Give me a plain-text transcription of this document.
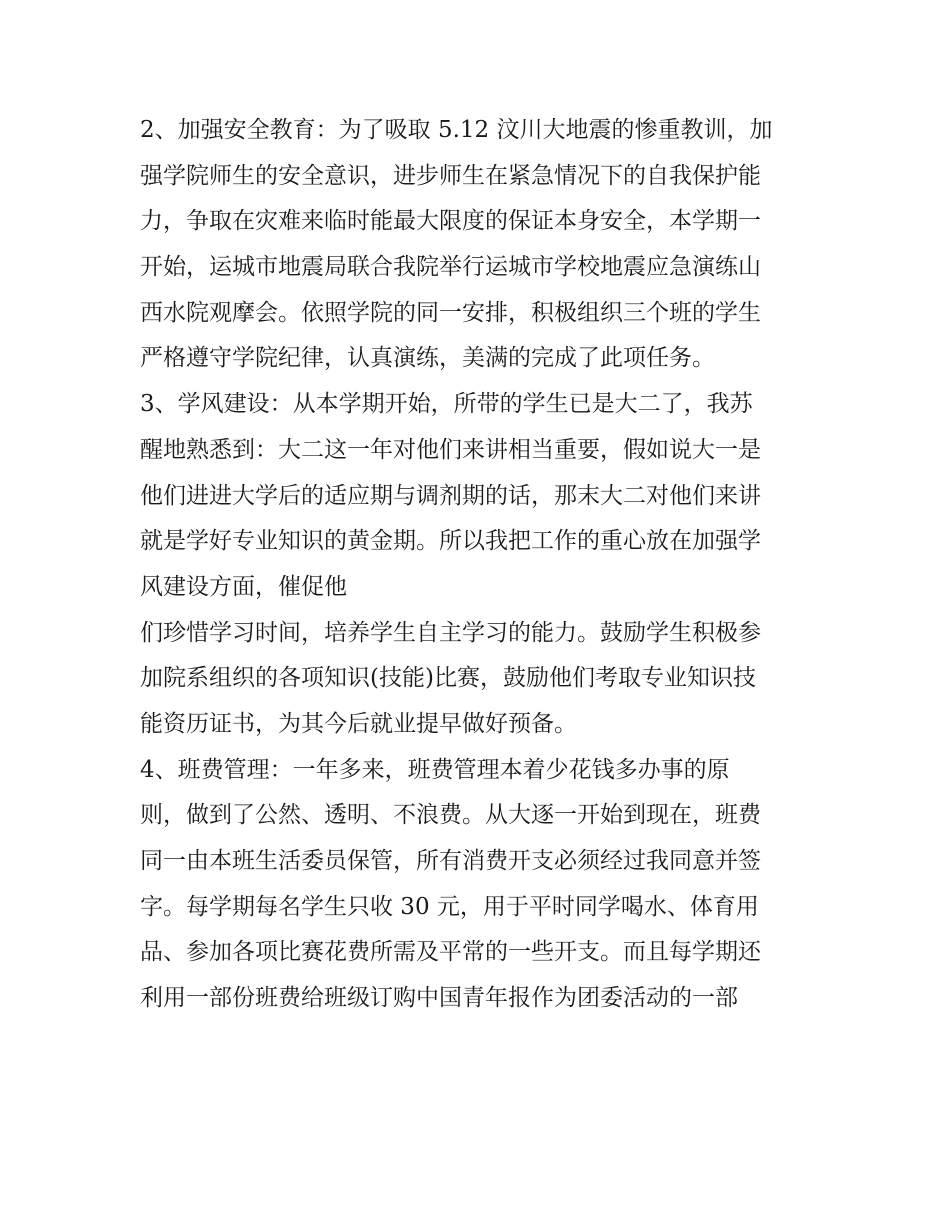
2、加强安全教育：为了吸取 5.12 汶川大地震的惨重教训，加
强学院师生的安全意识，进步师生在紧急情况下的自我保护能
力，争取在灾难来临时能最大限度的保证本身安全，本学期一
开始，运城市地震局联合我院举行运城市学校地震应急演练山
西水院观摩会。依照学院的同一安排，积极组织三个班的学生
严格遵守学院纪律，认真演练，美满的完成了此项任务。
3、学风建设：从本学期开始，所带的学生已是大二了，我苏
醒地熟悉到：大二这一年对他们来讲相当重要，假如说大一是
他们进进大学后的适应期与调剂期的话，那末大二对他们来讲
就是学好专业知识的黄金期。所以我把工作的重心放在加强学
风建设方面，催促他
们珍惜学习时间，培养学生自主学习的能力。鼓励学生积极参
加院系组织的各项知识(技能)比赛，鼓励他们考取专业知识技
能资历证书，为其今后就业提早做好预备。
4、班费管理：一年多来，班费管理本着少花钱多办事的原
则，做到了公然、透明、不浪费。从大逐一开始到现在，班费
同一由本班生活委员保管，所有消费开支必须经过我同意并签
字。每学期每名学生只收 30 元，用于平时同学喝水、体育用
品、参加各项比赛花费所需及平常的一些开支。而且每学期还
利用一部份班费给班级订购中国青年报作为团委活动的一部
